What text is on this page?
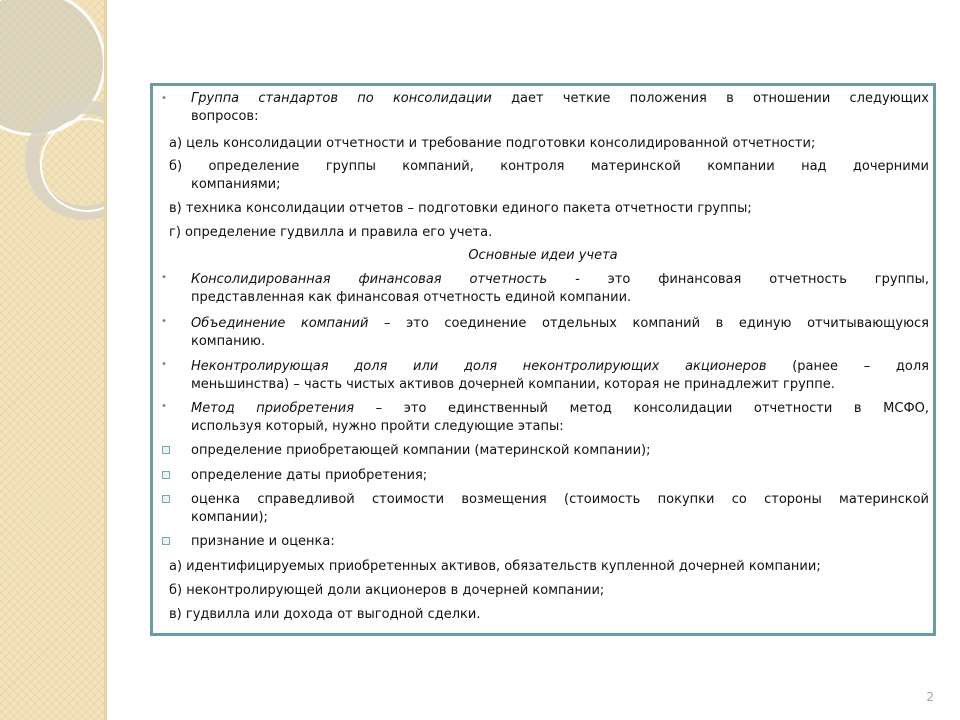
• Группа стандартов по консолидации дает четкие положения в отношении следующих
вопросов:
а) цель консолидации отчетности и требование подготовки консолидированной отчетности;
б) определение группы компаний, контроля материнской компании над дочерними
компаниями;
в) техника консолидации отчетов – подготовки единого пакета отчетности группы;
г) определение гудвилла и правила его учета.
Основные идеи учета
• Консолидированная финансовая отчетность - это финансовая отчетность группы,
представленная как финансовая отчетность единой компании.
• Объединение компаний – это соединение отдельных компаний в единую отчитывающуюся
компанию.
• Неконтролирующая доля или доля неконтролирующих акционеров (ранее – доля
меньшинства) – часть чистых активов дочерней компании, которая не принадлежит группе.
• Метод приобретения – это единственный метод консолидации отчетности в МСФО,
используя который, нужно пройти следующие этапы:
определение приобретающей компании (материнской компании);
определение даты приобретения;
оценка справедливой стоимости возмещения (стоимость покупки со стороны материнской
компании);
признание и оценка:
а) идентифицируемых приобретенных активов, обязательств купленной дочерней компании;
б) неконтролирующей доли акционеров в дочерней компании;
в) гудвилла или дохода от выгодной сделки.
2
